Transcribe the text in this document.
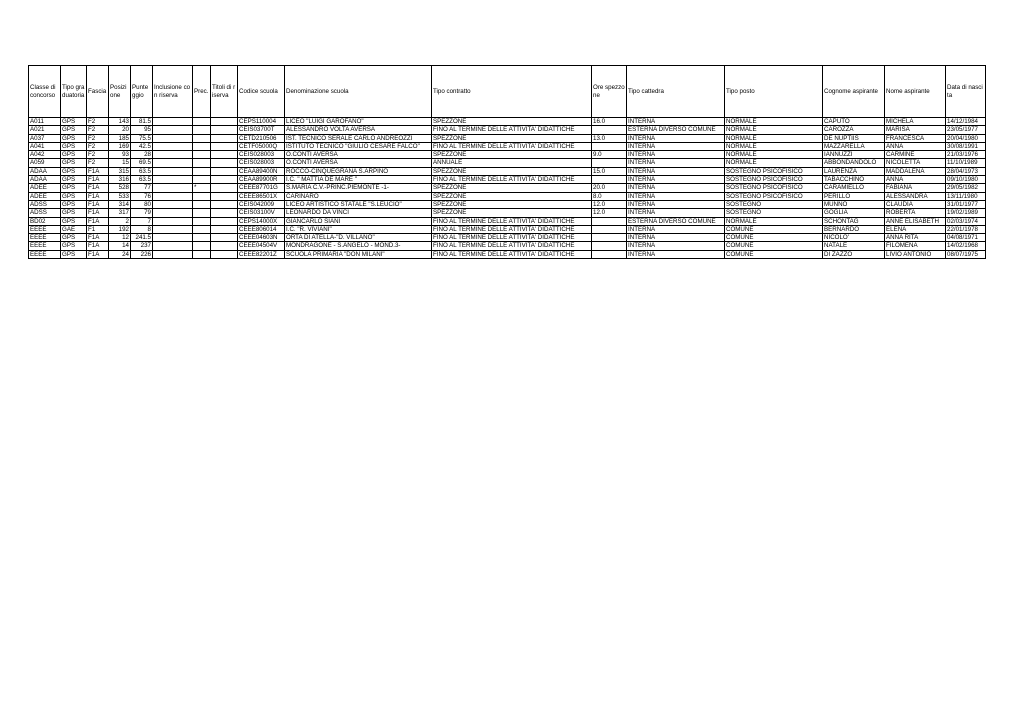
Classe di concorso	Tipo graduatoria	Fascia	Posizione	Punteggio	Inclusione con riserva	Prec.	Titoli di riserva	Codice scuola	Denominazione scuola	Tipo contratto	Ore spezzone	Tipo cattedra	Tipo posto	Cognome aspirante	Nome aspirante	Data di nascita
A011	GPS	F2	143	81.5				CEPS110004	LICEO "LUIGI GAROFANO"	SPEZZONE	16.0	INTERNA	NORMALE	CAPUTO	MICHELA	14/12/1984
A021	GPS	F2	20	95				CEIS03700T	ALESSANDRO VOLTA AVERSA	FINO AL TERMINE DELLE ATTIVITA' DIDATTICHE		ESTERNA DIVERSO COMUNE	NORMALE	CAROZZA	MARISA	23/05/1977
A037	GPS	F2	185	75.5				CETD210506	IST. TECNICO SERALE CARLO ANDREOZZI	SPEZZONE	13.0	INTERNA	NORMALE	DE NUPTIIS	FRANCESCA	20/04/1980
A041	GPS	F2	169	42.5				CETF05000Q	ISTITUTO TECNICO "GIULIO CESARE FALCO"	FINO AL TERMINE DELLE ATTIVITA' DIDATTICHE		INTERNA	NORMALE	MAZZARELLA	ANNA	30/08/1991
A042	GPS	F2	93	28				CEIS028003	O.CONTI AVERSA	SPEZZONE	9.0	INTERNA	NORMALE	IANNUZZI	CARMINE	21/03/1976
A059	GPS	F2	15	69.5				CEIS028003	O.CONTI AVERSA	ANNUALE		INTERNA	NORMALE	ABBONDANDOLO	NICOLETTA	11/10/1989
ADAA	GPS	F1A	315	63.5				CEAA89400N	ROCCO-CINQUEGRANA S.ARPINO	SPEZZONE	15.0	INTERNA	SOSTEGNO PSICOFISICO	LAURENZA	MADDALENA	28/04/1973
ADAA	GPS	F1A	316	63.5				CEAA89900R	I.C. " MATTIA DE MARE "	FINO AL TERMINE DELLE ATTIVITA' DIDATTICHE		INTERNA	SOSTEGNO PSICOFISICO	TABACCHINO	ANNA	09/10/1980
ADEE	GPS	F1A	528	77		*		CEEE87701G	S.MARIA C.V.-PRINC.PIEMONTE -1-	SPEZZONE	20.0	INTERNA	SOSTEGNO PSICOFISICO	CARAMIELLO	FABIANA	29/05/1982
ADEE	GPS	F1A	533	76				CEEE86501X	CARINARO	SPEZZONE	8.0	INTERNA	SOSTEGNO PSICOFISICO	PERILLO	ALESSANDRA	13/11/1980
ADSS	GPS	F1A	314	80				CEIS042009	LICEO ARTISTICO STATALE "S.LEUCIO"	SPEZZONE	12.0	INTERNA	SOSTEGNO	MUNNO	CLAUDIA	31/01/1977
ADSS	GPS	F1A	317	79				CEIS03100V	LEONARDO DA VINCI	SPEZZONE	12.0	INTERNA	SOSTEGNO	GOGLIA	ROBERTA	19/02/1989
BD02	GPS	F1A	2	7				CEPS14000X	GIANCARLO SIANI	FINO AL TERMINE DELLE ATTIVITA' DIDATTICHE		ESTERNA DIVERSO COMUNE	NORMALE	SCHONTAG	ANNE ELISABETH	02/03/1974
EEEE	GAE	F1	192	8				CEEE806014	I.C. "R. VIVIANI"	FINO AL TERMINE DELLE ATTIVITA' DIDATTICHE		INTERNA	COMUNE	BERNARDO	ELENA	22/01/1978
EEEE	GPS	F1A	12	241.5				CEEE04603N	ORTA DI ATELLA-"D. VILLANO"	FINO AL TERMINE DELLE ATTIVITA' DIDATTICHE		INTERNA	COMUNE	NICOLO'	ANNA RITA	04/08/1971
EEEE	GPS	F1A	14	237				CEEE04504V	MONDRAGONE - S.ANGELO - MOND.3-	FINO AL TERMINE DELLE ATTIVITA' DIDATTICHE		INTERNA	COMUNE	NATALE	FILOMENA	14/02/1968
EEEE	GPS	F1A	24	226				CEEE82201Z	SCUOLA PRIMARIA "DON MILANI"	FINO AL TERMINE DELLE ATTIVITA' DIDATTICHE		INTERNA	COMUNE	DI ZAZZO	LIVIO ANTONIO	08/07/1975
